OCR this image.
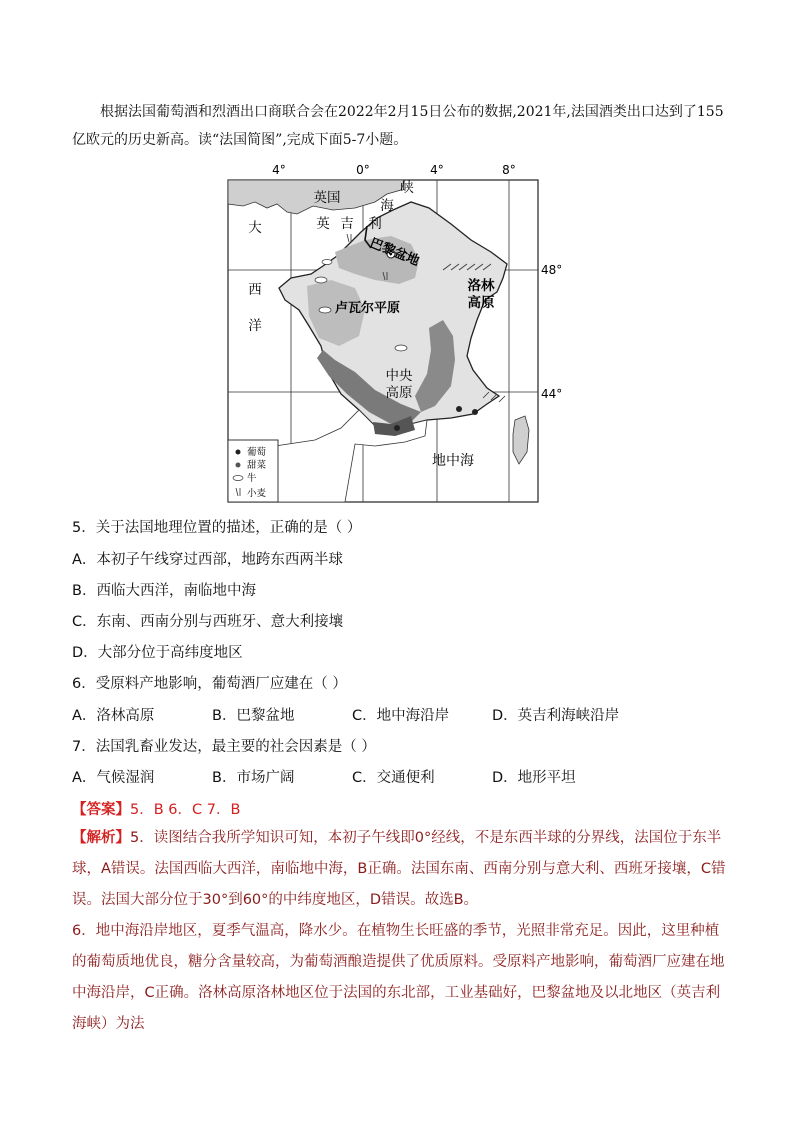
根据法国葡萄酒和烈酒出口商联合会在2022年2月15日公布的数据,2021年,法国酒类出口达到了155亿欧元的历史新高。读“法国简图”,完成下面5-7小题。

4°	0°	4°	8°
英国
峡
海
英 吉 利
大
西
洋
巴黎盆地
卢瓦尔平原
洛林
高原
中央
高原
地中海
48°
44°
葡萄
甜菜
牛
小麦
5．关于法国地理位置的描述，正确的是（ ）
A．本初子午线穿过西部，地跨东西两半球
B．西临大西洋，南临地中海
C．东南、西南分别与西班牙、意大利接壤
D．大部分位于高纬度地区
6．受原料产地影响，葡萄酒厂应建在（ ）
A．洛林高原	B．巴黎盆地	C．地中海沿岸	D．英吉利海峡沿岸
7．法国乳畜业发达，最主要的社会因素是（ ）
A．气候湿润	B．市场广阔	C．交通便利	D．地形平坦
【答案】5．B 6．C 7．B

【解析】5．读图结合我所学知识可知，本初子午线即0°经线，不是东西半球的分界线，法国位于东半球，A错误。法国西临大西洋，南临地中海，B正确。法国东南、西南分别与意大利、西班牙接壤，C错误。法国大部分位于30°到60°的中纬度地区，D错误。故选B。

6．地中海沿岸地区，夏季气温高，降水少。在植物生长旺盛的季节，光照非常充足。因此，这里种植的葡萄质地优良，糖分含量较高，为葡萄酒酿造提供了优质原料。受原料产地影响，葡萄酒厂应建在地中海沿岸，C正确。洛林高原洛林地区位于法国的东北部，工业基础好，巴黎盆地及以北地区（英吉利海峡）为法
